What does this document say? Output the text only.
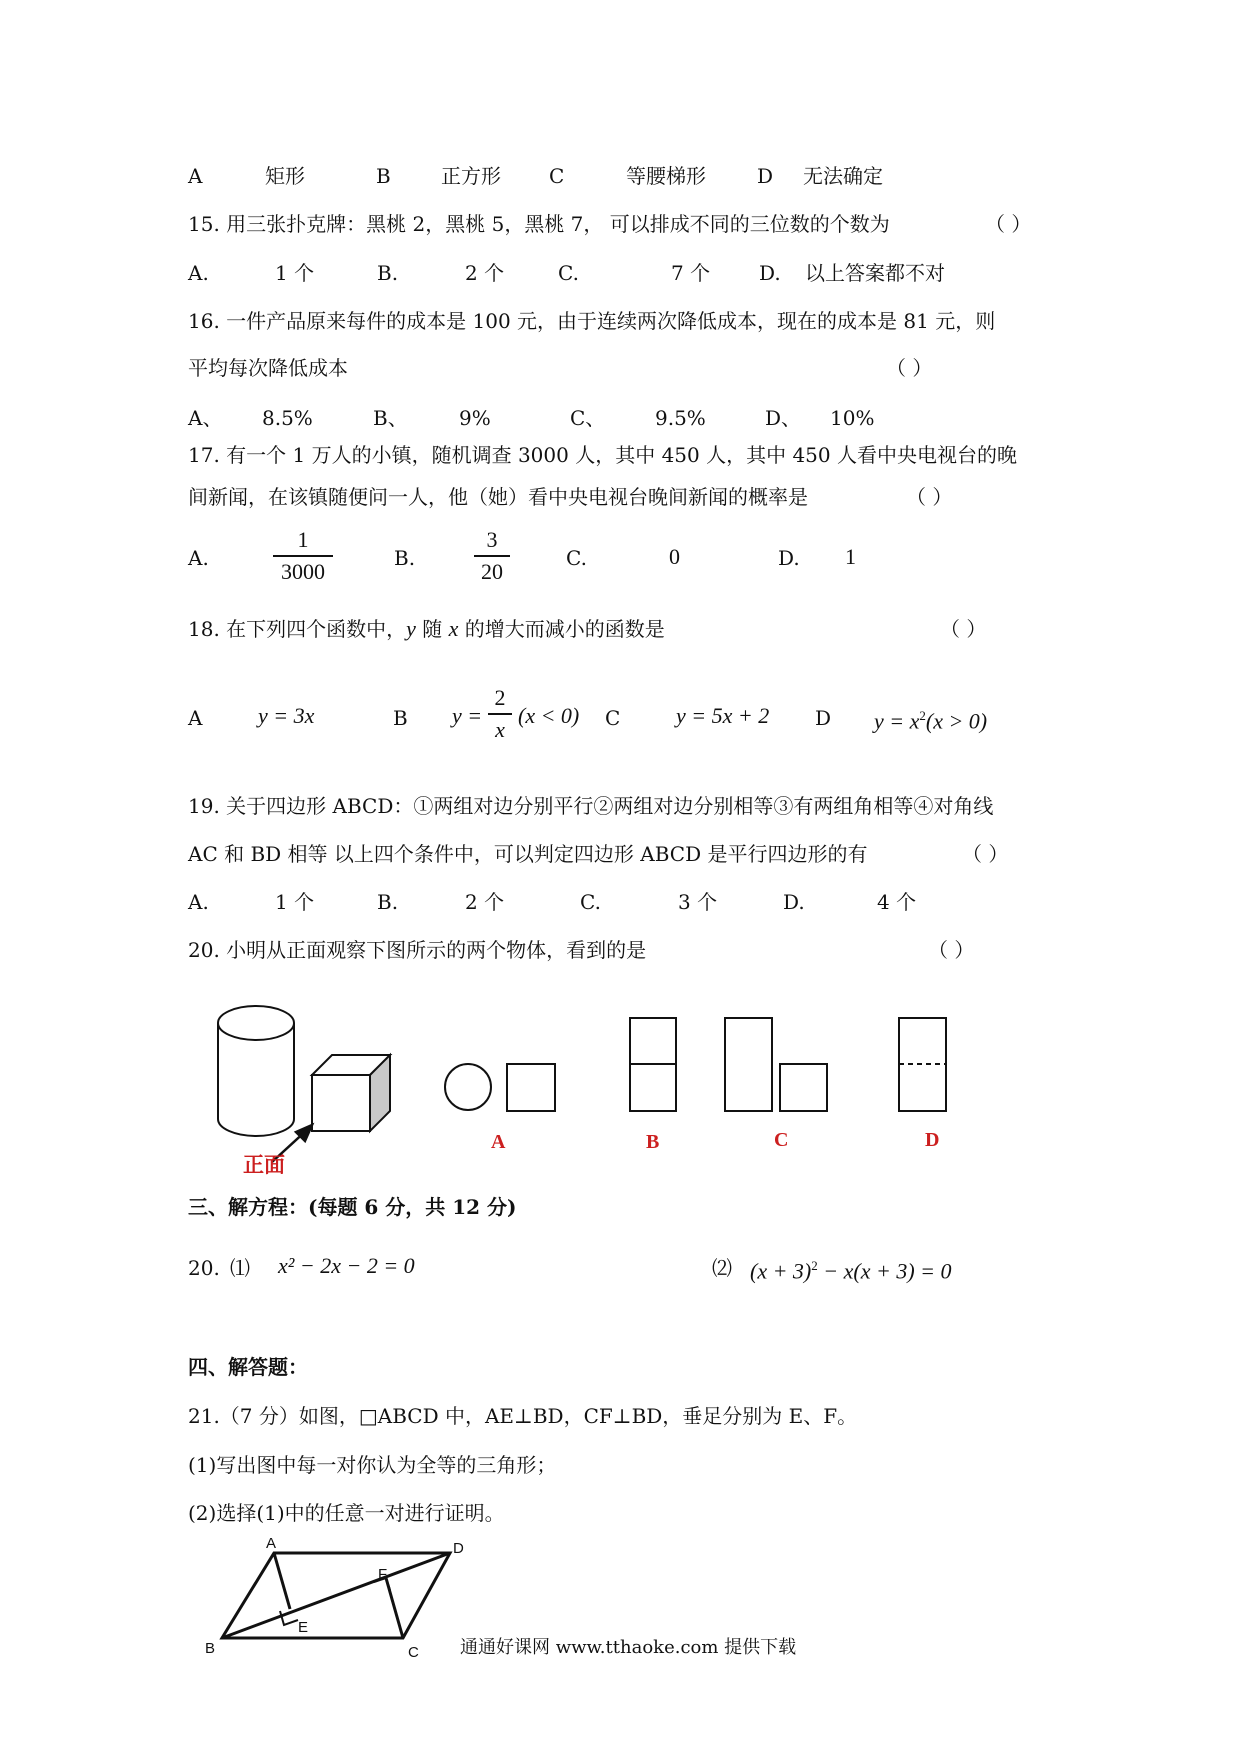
A	矩形	B	正方形 C	等腰梯形	D 无法确定
15. 用三张扑克牌：黑桃 2，黑桃 5，黑桃 7， 可以排成不同的三位数的个数为	（ ）
A.	1 个	B.	2 个	C.	7 个 D. 以上答案都不对
16. 一件产品原来每件的成本是 100 元，由于连续两次降低成本，现在的成本是 81 元，则
平均每次降低成本	（ ）
A、 8.5%	B、	9%	C、 9.5%	D、 10%
17. 有一个 1 万人的小镇，随机调查 3000 人，其中 450 人，其中 450 人看中央电视台的晚
间新闻，在该镇随便问一人，他（她）看中央电视台晚间新闻的概率是	（ ）
A.	$\frac{1}{3000}$	B.	$\frac{3}{20}$	C.	0	D. 1
18. 在下列四个函数中，y 随 x 的增大而减小的函数是	（ ）
A	y = 3x	B $y = \frac{2}{x} (x < 0)$ C	y = 5x + 2 D $y = x^2(x > 0)$
19. 关于四边形 ABCD：①两组对边分别平行②两组对边分别相等③有两组角相等④对角线
AC 和 BD 相等 以上四个条件中，可以判定四边形 ABCD 是平行四边形的有	（ ）
A.	1 个	B.	2 个	C.	3 个	D.	4 个
20. 小明从正面观察下图所示的两个物体，看到的是	（ ）
正面
A	B	C	D
三、解方程：(每题 6 分，共 12 分)
20. ⑴ x² − 2x − 2 = 0	⑵ $(x + 3)^2 - x(x + 3) = 0$
四、解答题：
21.（7 分）如图，□ABCD 中，AE⊥BD，CF⊥BD，垂足分别为 E、F。
(1)写出图中每一对你认为全等的三角形；
(2)选择(1)中的任意一对进行证明。
A	D
F
E
B	C 通通好课网 www.tthaoke.com 提供下载
